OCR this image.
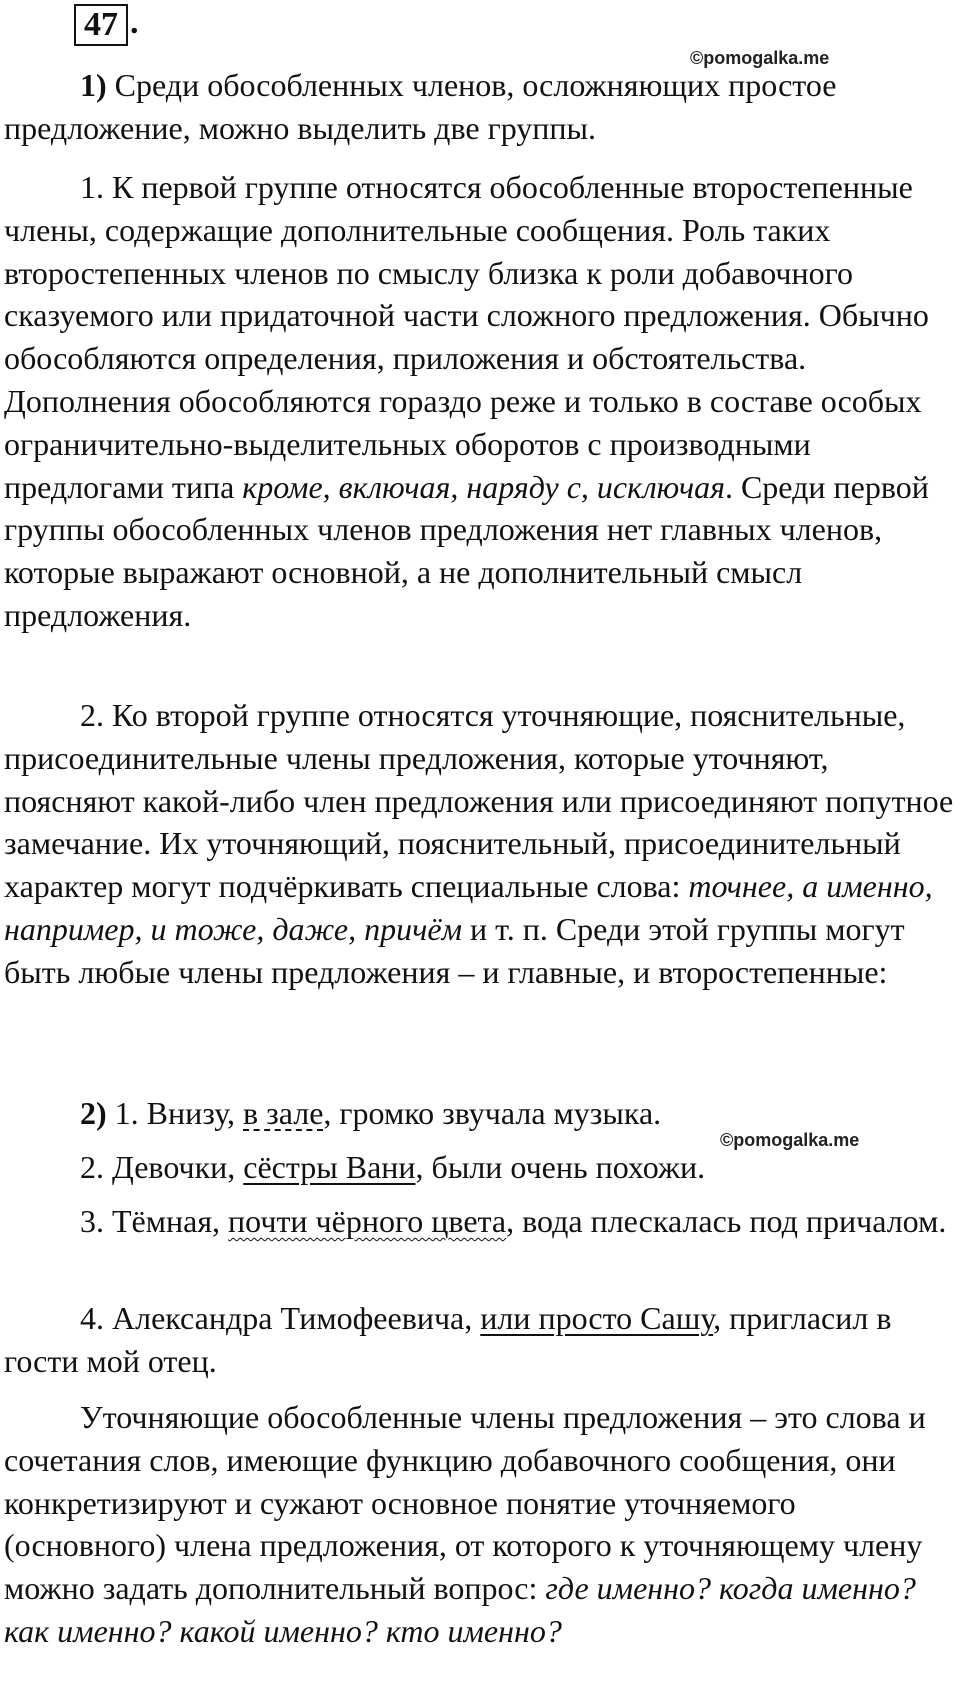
47 .
©pomogalka.me

1) Среди обособленных членов, осложняющих простое предложение, можно выделить две группы.

1. К первой группе относятся обособленные второстепенные члены, содержащие дополнительные сообщения. Роль таких второстепенных членов по смыслу близка к роли добавочного сказуемого или придаточной части сложного предложения. Обычно обособляются определения, приложения и обстоятельства. Дополнения обособляются гораздо реже и только в составе особых ограничительно-выделительных оборотов с производными предлогами типа кроме, включая, наряду с, исключая. Среди первой группы обособленных членов предложения нет главных членов, которые выражают основной, а не дополнительный смысл предложения.

2. Ко второй группе относятся уточняющие, пояснительные, присоединительные члены предложения, которые уточняют, поясняют какой-либо член предложения или присоединяют попутное замечание. Их уточняющий, пояснительный, присоединительный характер могут подчёркивать специальные слова: точнее, а именно, например, и тоже, даже, причём и т. п. Среди этой группы могут быть любые члены предложения – и главные, и второстепенные:

2) 1. Внизу, в зале, громко звучала музыка.

©pomogalka.me

2. Девочки, сёстры Вани, были очень похожи.

3. Тёмная, почти чёрного цвета, вода плескалась под причалом.

4. Александра Тимофеевича, или просто Сашу, пригласил в гости мой отец.

Уточняющие обособленные члены предложения – это слова и сочетания слов, имеющие функцию добавочного сообщения, они конкретизируют и сужают основное понятие уточняемого (основного) члена предложения, от которого к уточняющему члену можно задать дополнительный вопрос: где именно? когда именно? как именно? какой именно? кто именно?
